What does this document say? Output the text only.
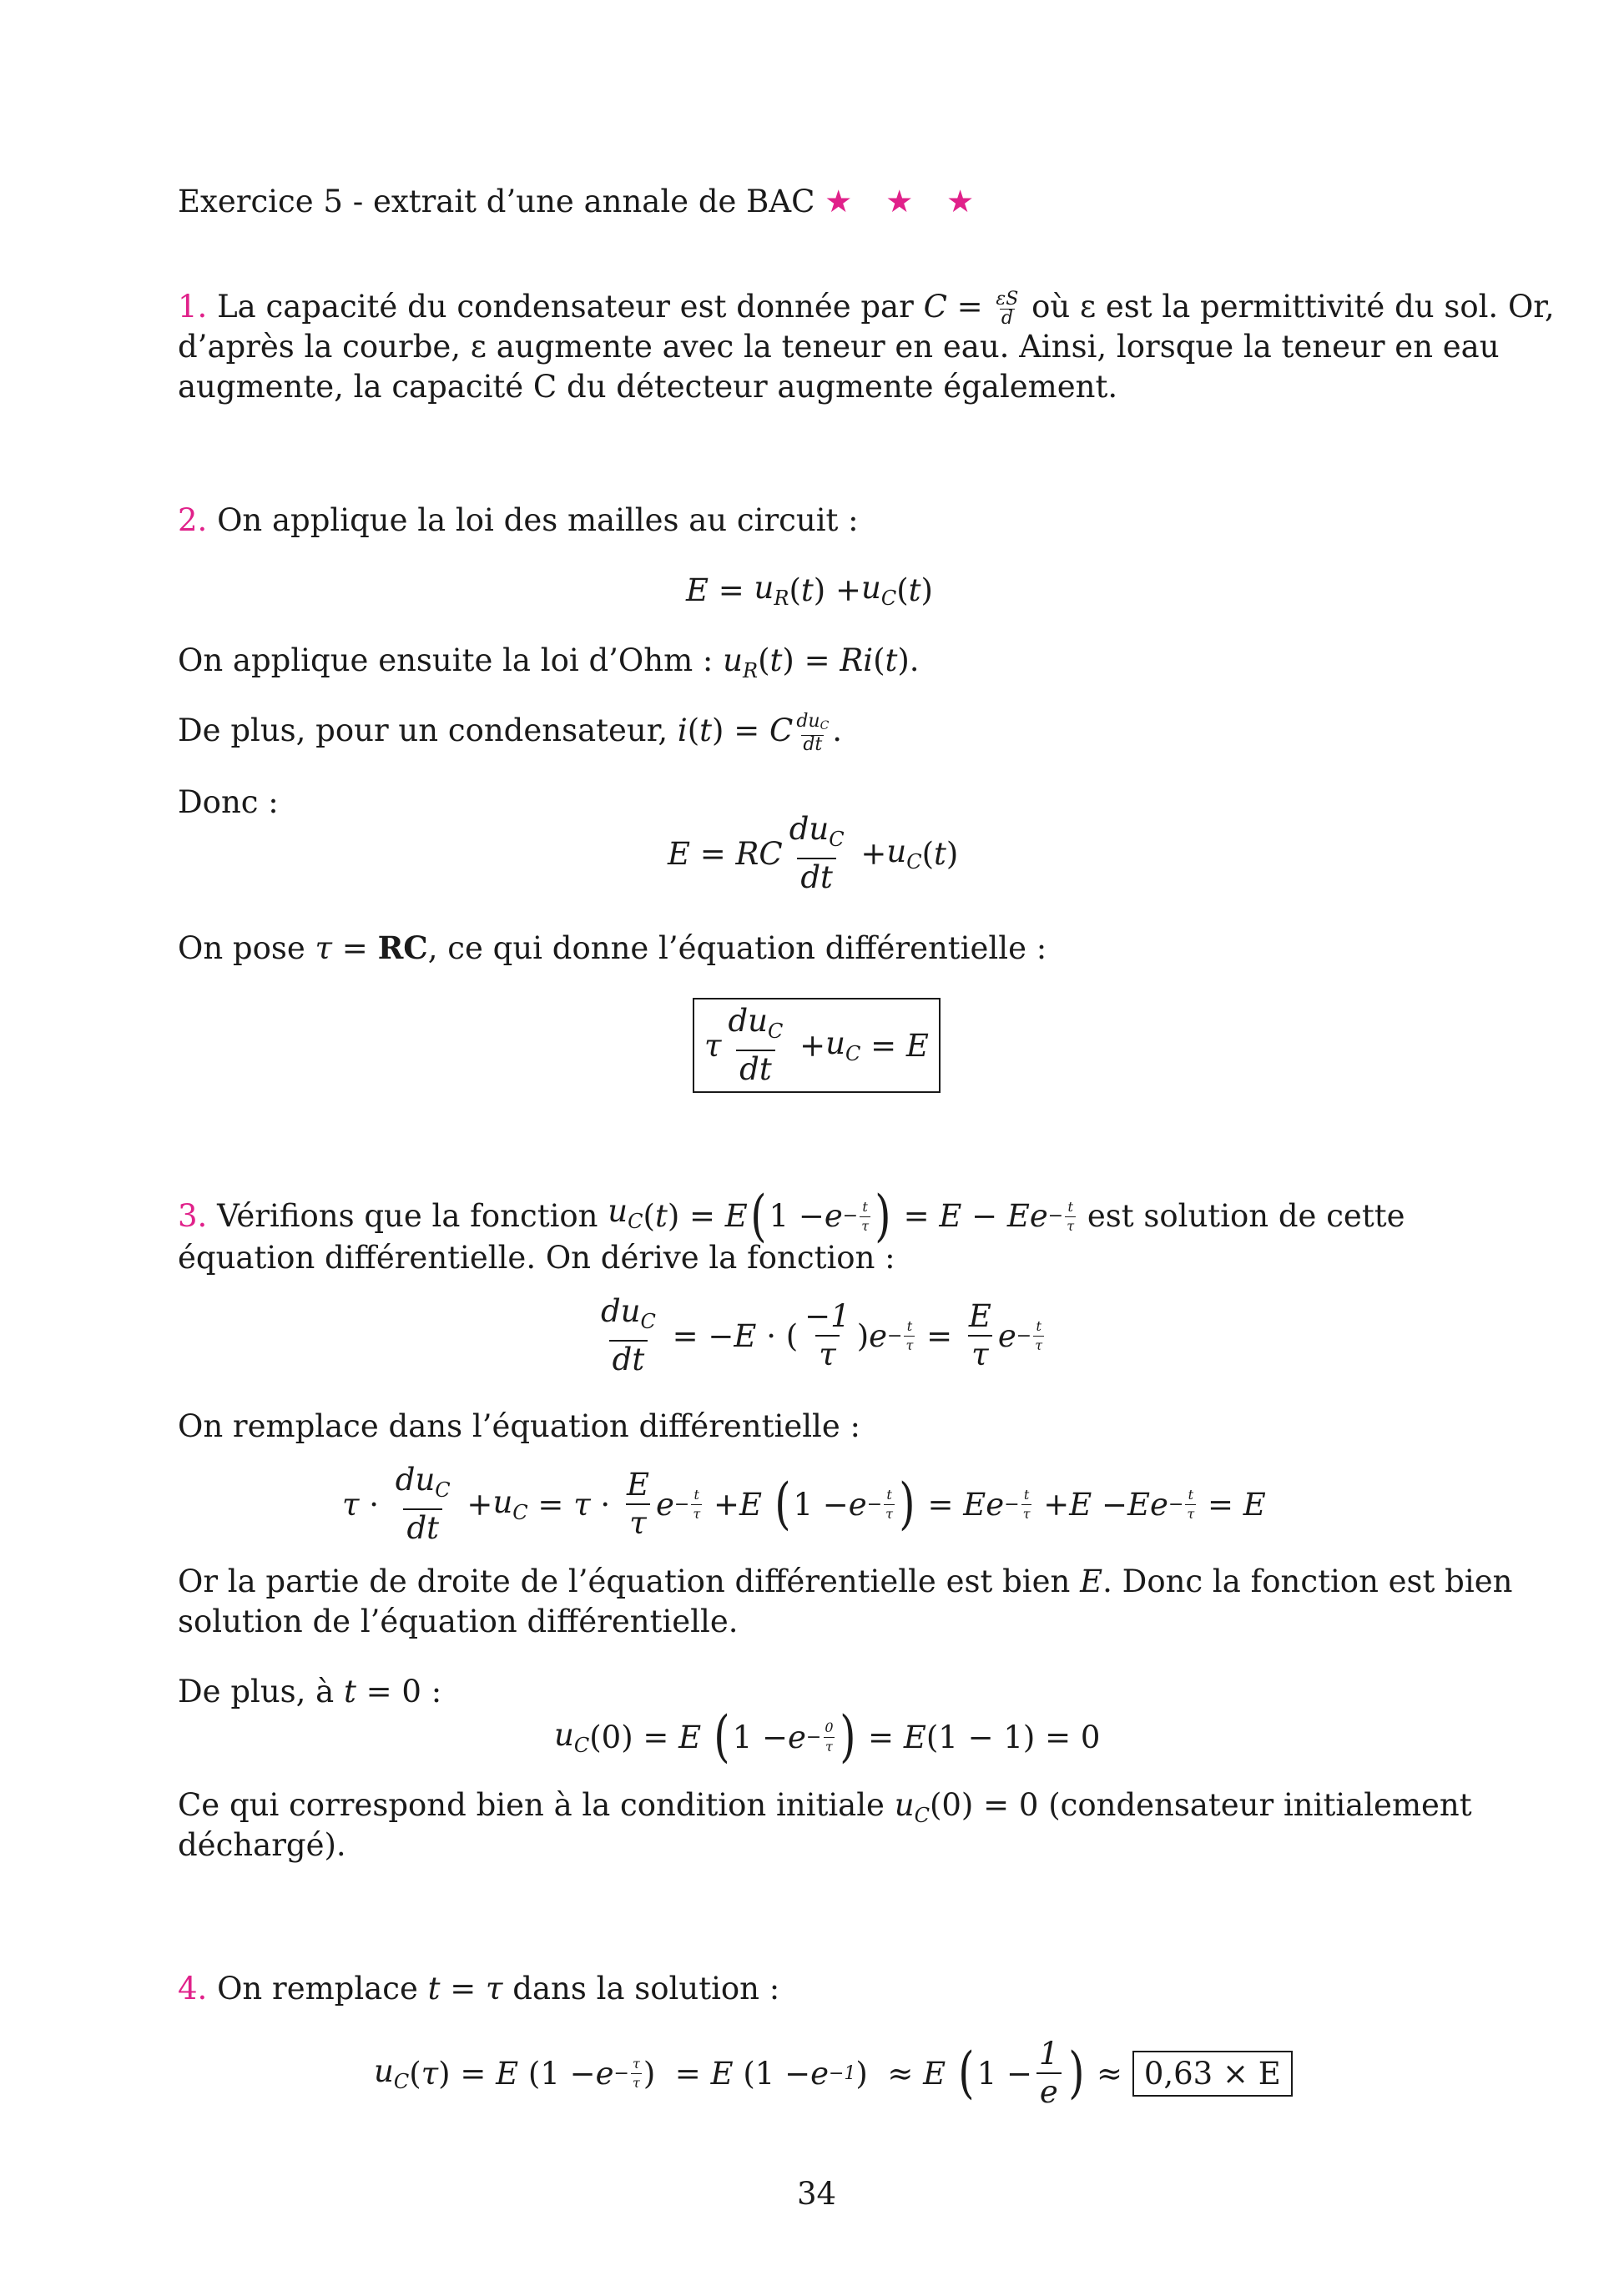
Exercice 5 - extrait d’une annale de BAC ★ ★ ★
1. La capacité du condensateur est donnée par $C = \frac{\varepsilon S}{d}$ où ε est la permittivité du sol. Or,
d’après la courbe, ε augmente avec la teneur en eau. Ainsi, lorsque la teneur en eau
augmente, la capacité C du détecteur augmente également.
2. On applique la loi des mailles au circuit :
$E = u_R$ ( t ) + $u_C$ ( t )
On applique ensuite la loi d’Ohm : $u_R(t) = Ri(t)$.
De plus, pour un condensateur, i(t) = C $\frac{du_C}{dt}$ .
Donc :
E = RC $\frac{du_C}{dt} + u_C$ ( t )
On pose τ = RC, ce qui donne l’équation différentielle :
τ $\frac{du_C}{dt} + u_C = E$
3.
Vérifions que la fonction
$u_C$ ( t ) = E ( $1 - e - \frac{t}{\tau}$ ) = $E - Ee - \frac{t}{\tau}$
est solution de cette
équation différentielle. On dérive la fonction :
$\frac{du_C}{dt}$ = − E · ( $\frac{-1}{\tau}$ ) $e - \frac{t}{\tau} = \frac{E}{\tau}$ $e - \frac{t}{\tau}$
On remplace dans l’équation différentielle :
$\tau \cdot \frac{du_C}{dt} + u_C = \tau \cdot \frac{E}{\tau}$ $e - \frac{t}{\tau} + E$
( $1 - e - \frac{t}{\tau}$ ) = $Ee - \frac{t}{\tau} + E - Ee - \frac{t}{\tau} = E$
Or la partie de droite de l’équation différentielle est bien E. Donc la fonction est bien
solution de l’équation différentielle.
De plus, à t = 0 :
$u_C$ (0) = E
( $1 - e - \frac{0}{\tau}$ ) = E (1 − 1) = 0
Ce qui correspond bien à la condition initiale $u_C(0) = 0$ (condensateur initialement
déchargé).
4. On remplace t = τ dans la solution :
$u_C$ ( τ ) = E ($1 - e - \frac{\tau}{\tau}$ )  = E (1 − e −1 )  ≈ E
( $1 - \frac{1}{e}$ ) ≈ 0,63 × E
34
